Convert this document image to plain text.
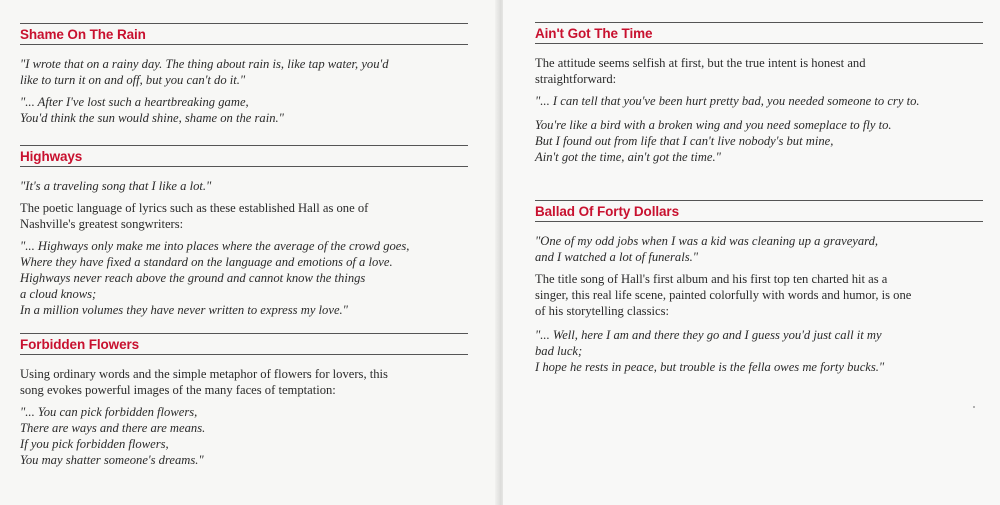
Shame On The Rain
"I wrote that on a rainy day. The thing about rain is, like tap water, you'd
like to turn it on and off, but you can't do it."
"... After I've lost such a heartbreaking game,
You'd think the sun would shine, shame on the rain."
Highways
"It's a traveling song that I like a lot."
The poetic language of lyrics such as these established Hall as one of
Nashville's greatest songwriters:
"... Highways only make me into places where the average of the crowd goes,
Where they have fixed a standard on the language and emotions of a love.
Highways never reach above the ground and cannot know the things
a cloud knows;
In a million volumes they have never written to express my love."
Forbidden Flowers
Using ordinary words and the simple metaphor of flowers for lovers, this
song evokes powerful images of the many faces of temptation:
"... You can pick forbidden flowers,
There are ways and there are means.
If you pick forbidden flowers,
You may shatter someone's dreams."
Ain't Got The Time
The attitude seems selfish at first, but the true intent is honest and
straightforward:
"... I can tell that you've been hurt pretty bad, you needed someone to cry to.
You're like a bird with a broken wing and you need someplace to fly to.
But I found out from life that I can't live nobody's but mine,
Ain't got the time, ain't got the time."
Ballad Of Forty Dollars
"One of my odd jobs when I was a kid was cleaning up a graveyard,
and I watched a lot of funerals."
The title song of Hall's first album and his first top ten charted hit as a
singer, this real life scene, painted colorfully with words and humor, is one
of his storytelling classics:
"... Well, here I am and there they go and I guess you'd just call it my
bad luck;
I hope he rests in peace, but trouble is the fella owes me forty bucks."
